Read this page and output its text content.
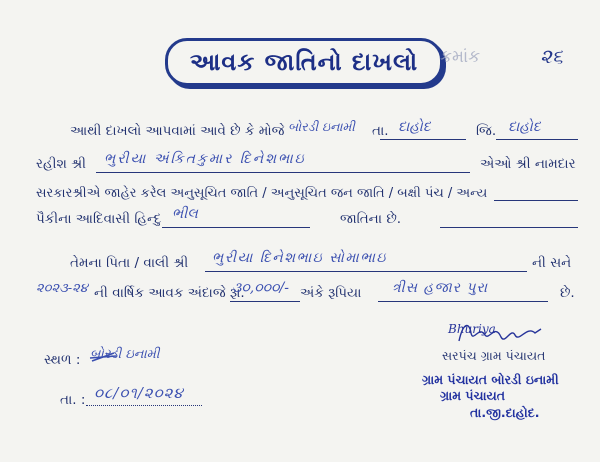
આવક જાતિનો દાખલો ક્રમાંક	૨૬
આથી દાખલો આપવામાં આવે છે કે મોજે બોરડી ઇનામી તા. દાહોદ	જિ. દાહોદ
રહીશ શ્રી ભુરીયા અંકિતકુમાર દિનેશભાઇ	એઓ શ્રી નામદાર
સરકારશ્રીએ જાહેર કરેલ અનુસૂચિત જાતિ / અનુસૂચિત જન જાતિ / બક્ષી પંચ / અન્ય
પૈકીના આદિવાસી હિન્દુ ભીલ	જાતિના છે.
તેમના પિતા / વાલી શ્રી ભુરીયા દિનેશભાઇ સોમાભાઇ	ની સને
૨૦૨૩-૨૪ ની વાર્ષિક આવક અંદાજે રૂા.
૩૦,૦૦૦/- અંકે રૂપિયા ત્રીસ હજાર પુરા	છે.
સ્થળ : બોરડી ઇનામી
તા. : ૦૮/૦૧/૨૦૨૪
Bhuriya
સરપંચ ગ્રામ પંચાયત
ગ્રામ પંચાયત બોરડી ઇનામી
ગ્રામ પંચાયત
તા.જી.દાહોદ.
